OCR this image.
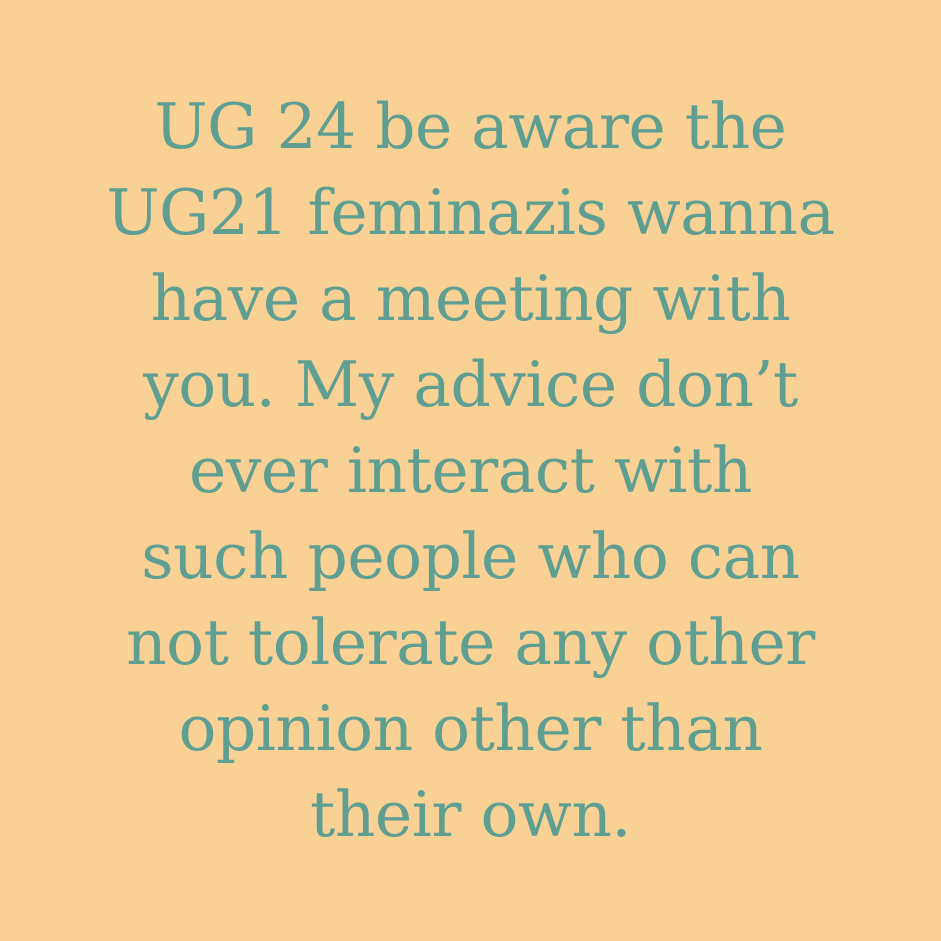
UG 24 be aware the
UG21 feminazis wanna
have a meeting with
you. My advice don’t
ever interact with
such people who can
not tolerate any other
opinion other than
their own.
